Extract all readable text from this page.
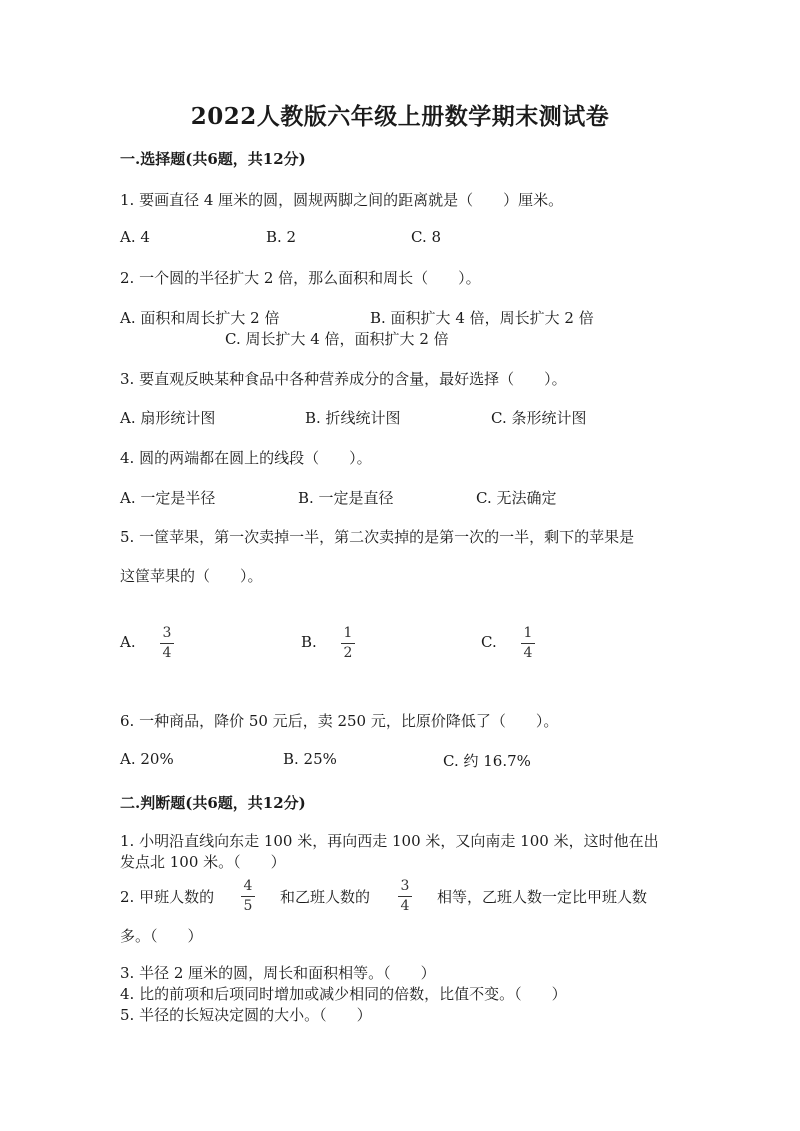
2022人教版六年级上册数学期末测试卷
一.选择题(共6题，共12分)
1. 要画直径 4 厘米的圆，圆规两脚之间的距离就是（　　）厘米。
A. 4	B. 2	C. 8
2. 一个圆的半径扩大 2 倍，那么面积和周长（　　）。
A. 面积和周长扩大 2 倍	B. 面积扩大 4 倍，周长扩大 2 倍
C. 周长扩大 4 倍，面积扩大 2 倍
3. 要直观反映某种食品中各种营养成分的含量，最好选择（　　）。
A. 扇形统计图	B. 折线统计图	C. 条形统计图
4. 圆的两端都在圆上的线段（　　）。
A. 一定是半径	B. 一定是直径	C. 无法确定
5. 一筐苹果，第一次卖掉一半，第二次卖掉的是第一次的一半，剩下的苹果是
这筐苹果的（　　）。
A. 3
4
B. 1
2
C. 1
4
6. 一种商品，降价 50 元后，卖 250 元，比原价降低了（　　）。
A. 20%	B. 25%	C. 约 16.7%
二.判断题(共6题，共12分)
1. 小明沿直线向东走 100 米，再向西走 100 米，又向南走 100 米，这时他在出
发点北 100 米。（　　）
2. 甲班人数的
4
5 和乙班人数的
3
4 相等，乙班人数一定比甲班人数
多。（　　）
3. 半径 2 厘米的圆，周长和面积相等。（　　）
4. 比的前项和后项同时增加或减少相同的倍数，比值不变。（　　）
5. 半径的长短决定圆的大小。（　　）
